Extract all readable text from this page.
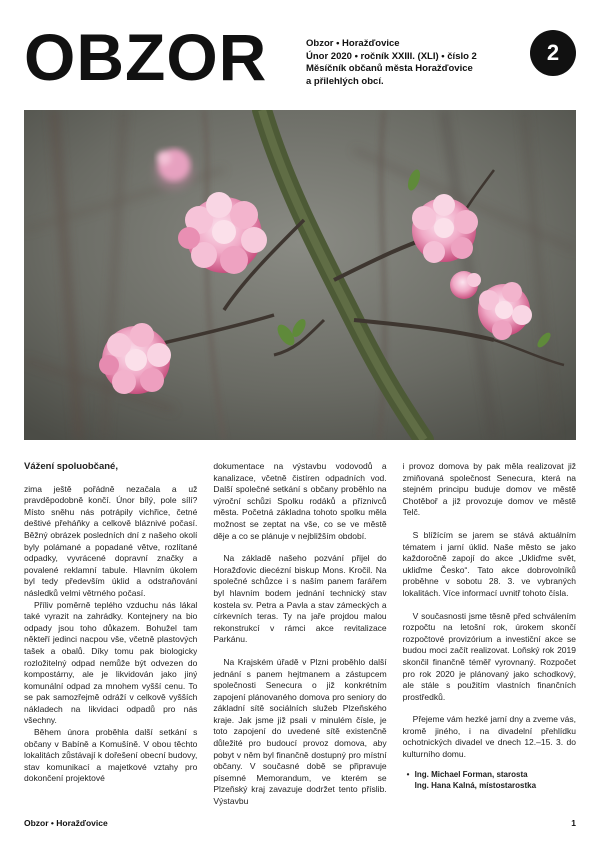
OBZOR	Obzor • Horažďovice
Únor 2020 • ročník XXIII. (XLI) • číslo 2
Měsíčník občanů města Horažďovice
a přilehlých obcí.
2
Vážení spoluobčané,

zima ještě pořádně nezačala a už pravděpodobně končí. Únor bílý, pole sílí? Místo sněhu nás potrápily vichřice, četné deštivé přeháňky a celkově bláznivé počasí. Běžný obrázek posledních dní z našeho okolí byly polámané a popadané větve, rozlítané odpadky, vyvrácené dopravní značky a povalené reklamní tabule. Hlavním úkolem byl tedy především úklid a odstraňování následků velmi větrného počasí.

Příliv poměrně teplého vzduchu nás lákal také vyrazit na zahrádky. Kontejnery na bio odpady jsou toho důkazem. Bohužel tam někteří jedinci nacpou vše, včetně plastových tašek a obalů. Díky tomu pak biologicky rozložitelný odpad nemůže být odvezen do kompostárny, ale je likvidován jako jiný komunální odpad za mnohem vyšší cenu. To se pak samozřejmě odráží v celkově vyšších nákladech na likvidaci odpadů pro nás všechny.

Během února proběhla další setkání s občany v Babíně a Komušíně. V obou těchto lokalitách zůstávají k dořešení obecní budovy, stav komunikací a majetkové vztahy pro dokončení projektové

dokumentace na výstavbu vodovodů a kanalizace, včetně čistíren odpadních vod. Další společné setkání s občany proběhlo na výroční schůzi Spolku rodáků a příznivců města. Početná základna tohoto spolku měla možnost se zeptat na vše, co se ve městě děje a co se plánuje v nejbližším období.

Na základě našeho pozvání přijel do Horažďovic diecézní biskup Mons. Kročil. Na společné schůzce i s naším panem farářem byl hlavním bodem jednání technický stav kostela sv. Petra a Pavla a stav zámeckých a církevních teras. Ty na jaře projdou malou rekonstrukcí v rámci akce revitalizace Parkánu.

Na Krajském úřadě v Plzni proběhlo další jednání s panem hejtmanem a zástupcem společnosti Senecura o již konkrétním zapojení plánovaného domova pro seniory do základní sítě sociálních služeb Plzeňského kraje. Jak jsme již psali v minulém čísle, je toto zapojení do uvedené sítě existenčně důležité pro budoucí provoz domova, aby pobyt v něm byl finančně dostupný pro místní občany. V současné době se připravuje písemné Memorandum, ve kterém se Plzeňský kraj zavazuje dodržet tento příslib. Výstavbu

i provoz domova by pak měla realizovat již zmiňovaná společnost Senecura, která na stejném principu buduje domov ve městě Chotěboř a již provozuje domov ve městě Telč.

S blížícím se jarem se stává aktuálním tématem i jarní úklid. Naše město se jako každoročně zapojí do akce „Ukliďme svět, ukliďme Česko“. Tato akce dobrovolníků proběhne v sobotu 28. 3. ve vybraných lokalitách. Více informací uvnitř tohoto čísla.

V současnosti jsme těsně před schválením rozpočtu na letošní rok, úrokem skončí rozpočtové provizórium a investiční akce se budou moci začít realizovat. Loňský rok 2019 skončil finančně téměř vyrovnaný. Rozpočet pro rok 2020 je plánovaný jako schodkový, ale stále s použitím vlastních finančních prostředků.

Přejeme vám hezké jarní dny a zveme vás, kromě jiného, i na divadelní přehlídku ochotnických divadel ve dnech 12.–15. 3. do kulturního domu.

• Ing. Michael Forman, starosta
Ing. Hana Kalná, místostarostka
Obzor • Horažďovice	1
